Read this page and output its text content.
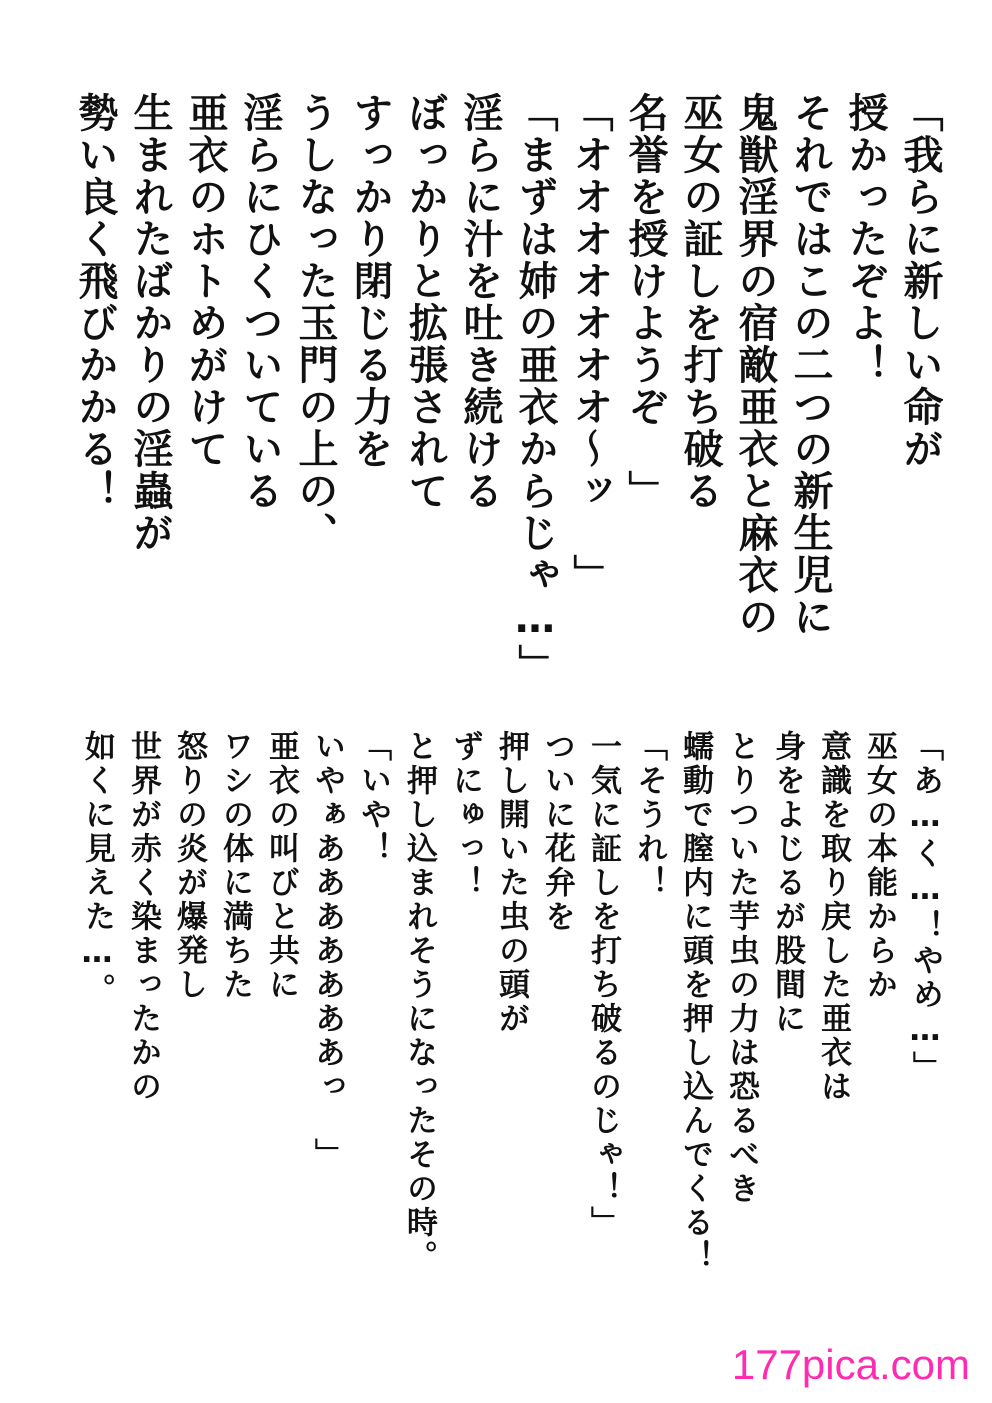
「我らに新しい命が
授かったぞよ！
それではこの二つの新生児に
鬼獣淫界の宿敵亜衣と麻衣の
巫女の証しを打ち破る
名誉を授けようぞ　」
「オオオオオオオ〜ッ　」
「まずは姉の亜衣からじゃ…」
淫らに汁を吐き続ける
ぼっかりと拡張されて
すっかり閉じる力を
うしなった玉門の上の、
淫らにひくついている
亜衣のホトめがけて
生まれたばかりの淫蟲が
勢い良く飛びかかる！
「あ…く…！やめ…」
巫女の本能からか
意識を取り戻した亜衣は
身をよじるが股間に
とりついた芋虫の力は恐るべき
蠕動で膣内に頭を押し込んでくる！
「そうれ！
一気に証しを打ち破るのじゃ！」
ついに花弁を
押し開いた虫の頭が
ずにゅっ！
と押し込まれそうになったその時。
「いや！
いやぁあああああああっ　」
亜衣の叫びと共に
ワシの体に満ちた
怒りの炎が爆発し
世界が赤く染まったかの
如くに見えた…。
177pica.com
